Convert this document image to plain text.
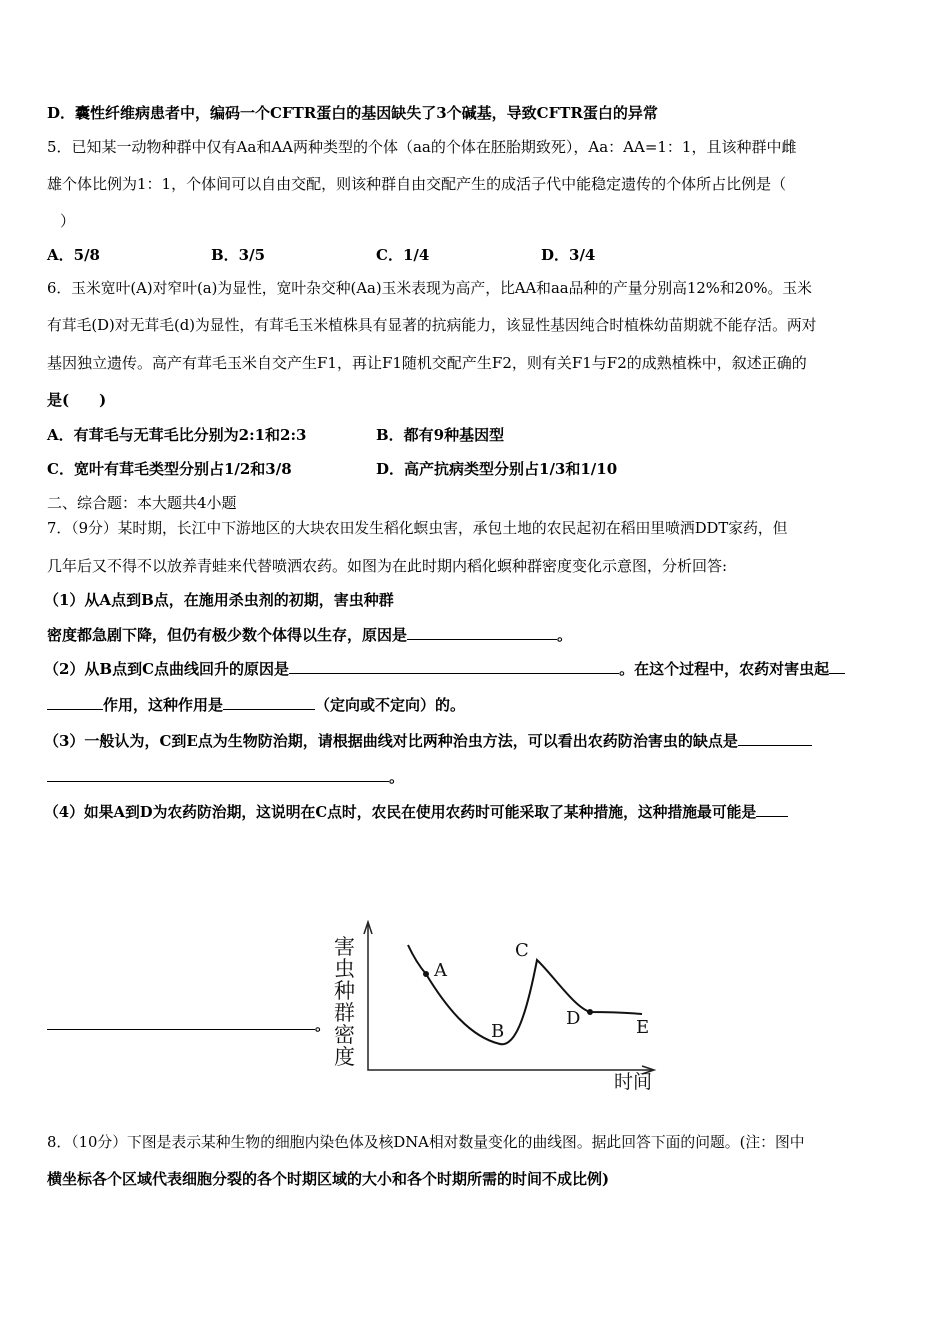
D．囊性纤维病患者中，编码一个CFTR蛋白的基因缺失了3个碱基，导致CFTR蛋白的异常
5．已知某一动物种群中仅有Aa和AA两种类型的个体（aa的个体在胚胎期致死），Aa：AA=1：1，且该种群中雌
雄个体比例为1：1，个体间可以自由交配，则该种群自由交配产生的成活子代中能稳定遗传的个体所占比例是（
）
A．5/8	B．3/5	C．1/4	D．3/4
6．玉米宽叶(A)对窄叶(a)为显性，宽叶杂交种(Aa)玉米表现为高产，比AA和aa品种的产量分别高12%和20%。玉米
有茸毛(D)对无茸毛(d)为显性，有茸毛玉米植株具有显著的抗病能力，该显性基因纯合时植株幼苗期就不能存活。两对
基因独立遗传。高产有茸毛玉米自交产生F1，再让F1随机交配产生F2，则有关F1与F2的成熟植株中，叙述正确的
是(　　)
A．有茸毛与无茸毛比分别为2:1和2:3	B．都有9种基因型
C．宽叶有茸毛类型分别占1/2和3/8	D．高产抗病类型分别占1/3和1/10
二、综合题：本大题共4小题
7．（9分）某时期，长江中下游地区的大块农田发生稻化螟虫害，承包土地的农民起初在稻田里喷洒DDT家药，但
几年后又不得不以放养青蛙来代替喷洒农药。如图为在此时期内稻化螟种群密度变化示意图，分析回答:
（1）从A点到B点，在施用杀虫剂的初期，害虫种群
密度都急剧下降，但仍有极少数个体得以生存，原因是	。
（2）从B点到C点曲线回升的原因是	。在这个过程中，农药对害虫起
作用，这种作用是	（定向或不定向）的。
（3）一般认为，C到E点为生物防治期，请根据曲线对比两种治虫方法，可以看出农药防治害虫的缺点是
。
（4）如果A到D为农药防治期，这说明在C点时，农民在使用农药时可能采取了某种措施，这种措施最可能是
。
害
虫
种
群
密
度
A
B
C
D	E
时间
8．（10分）下图是表示某种生物的细胞内染色体及核DNA相对数量变化的曲线图。据此回答下面的问题。(注：图中
横坐标各个区域代表细胞分裂的各个时期区域的大小和各个时期所需的时间不成比例)
